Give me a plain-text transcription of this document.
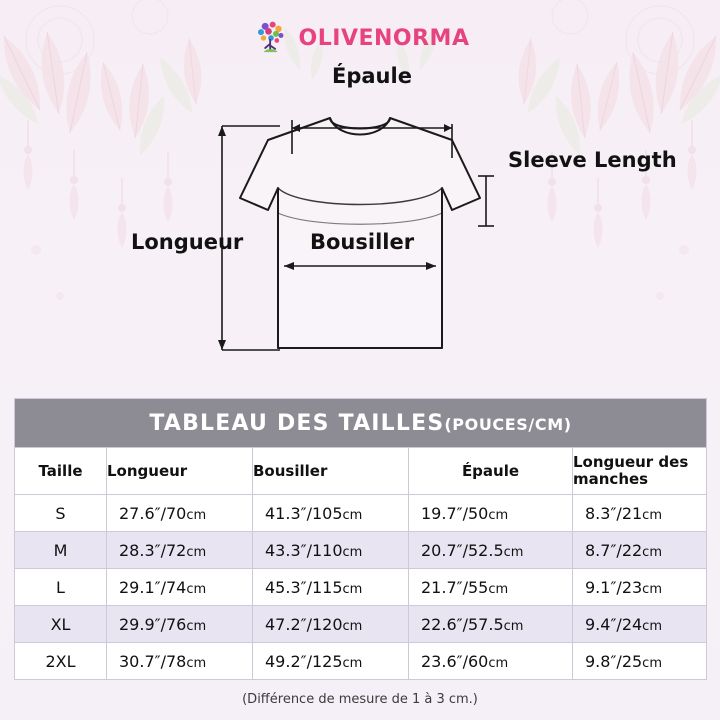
OLIVENORMA
Épaule
Sleeve Length
Longueur	Bousiller
TABLEAU DES TAILLES(POUCES/CM)				
Taille	Longueur	Bousiller	Épaule	Longueur des manches
S	27.6″/70cm	41.3″/105cm	19.7″/50cm	8.3″/21cm
M	28.3″/72cm	43.3″/110cm	20.7″/52.5cm	8.7″/22cm
L	29.1″/74cm	45.3″/115cm	21.7″/55cm	9.1″/23cm
XL	29.9″/76cm	47.2″/120cm	22.6″/57.5cm	9.4″/24cm
2XL	30.7″/78cm	49.2″/125cm	23.6″/60cm	9.8″/25cm
(Différence de mesure de 1 à 3 cm.)
